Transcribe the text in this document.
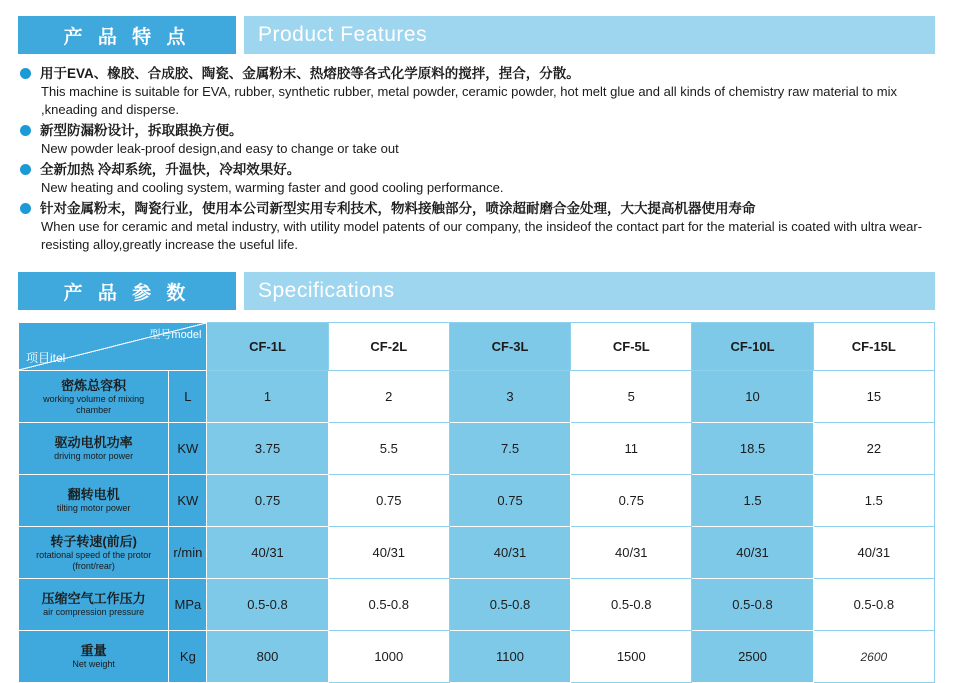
产 品 特 点	Product Features
用于EVA、橡胶、合成胶、陶瓷、金属粉末、热熔胶等各式化学原料的搅拌，捏合，分散。
This machine is suitable for EVA, rubber, synthetic rubber, metal powder, ceramic powder, hot melt glue and all kinds of chemistry raw material to mix ,kneading and disperse.
新型防漏粉设计，拆取跟换方便。
New powder leak-proof design,and easy to change or take out
全新加热 冷却系统，升温快，冷却效果好。
New heating and cooling system, warming faster and good cooling performance.
针对金属粉末，陶瓷行业，使用本公司新型实用专利技术，物料接触部分，喷涂超耐磨合金处理，大大提高机器使用寿命
When use for ceramic and metal industry, with utility model patents of our company, the insideof the contact part for the material is coated with ultra wear-resisting alloy,greatly increase the useful life.
产 品 参 数	Specifications
型号model
项目itel		CF-1L	CF-2L	CF-3L	CF-5L	CF-10L	CF-15L

密炼总容积
working volume of mixing chamber	L	1	2	3	5	10	15

驱动电机功率
driving motor power	KW	3.75	5.5	7.5	11	18.5	22

翻转电机
tilting motor power	KW	0.75	0.75	0.75	0.75	1.5	1.5

转子转速(前后)
rotational speed of the protor (front/rear)	r/min	40/31	40/31	40/31	40/31	40/31	40/31

压缩空气工作压力
air compression pressure	MPa	0.5-0.8	0.5-0.8	0.5-0.8	0.5-0.8	0.5-0.8	0.5-0.8

重量
Net weight	Kg	800	1000	1100	1500	2500	2600
